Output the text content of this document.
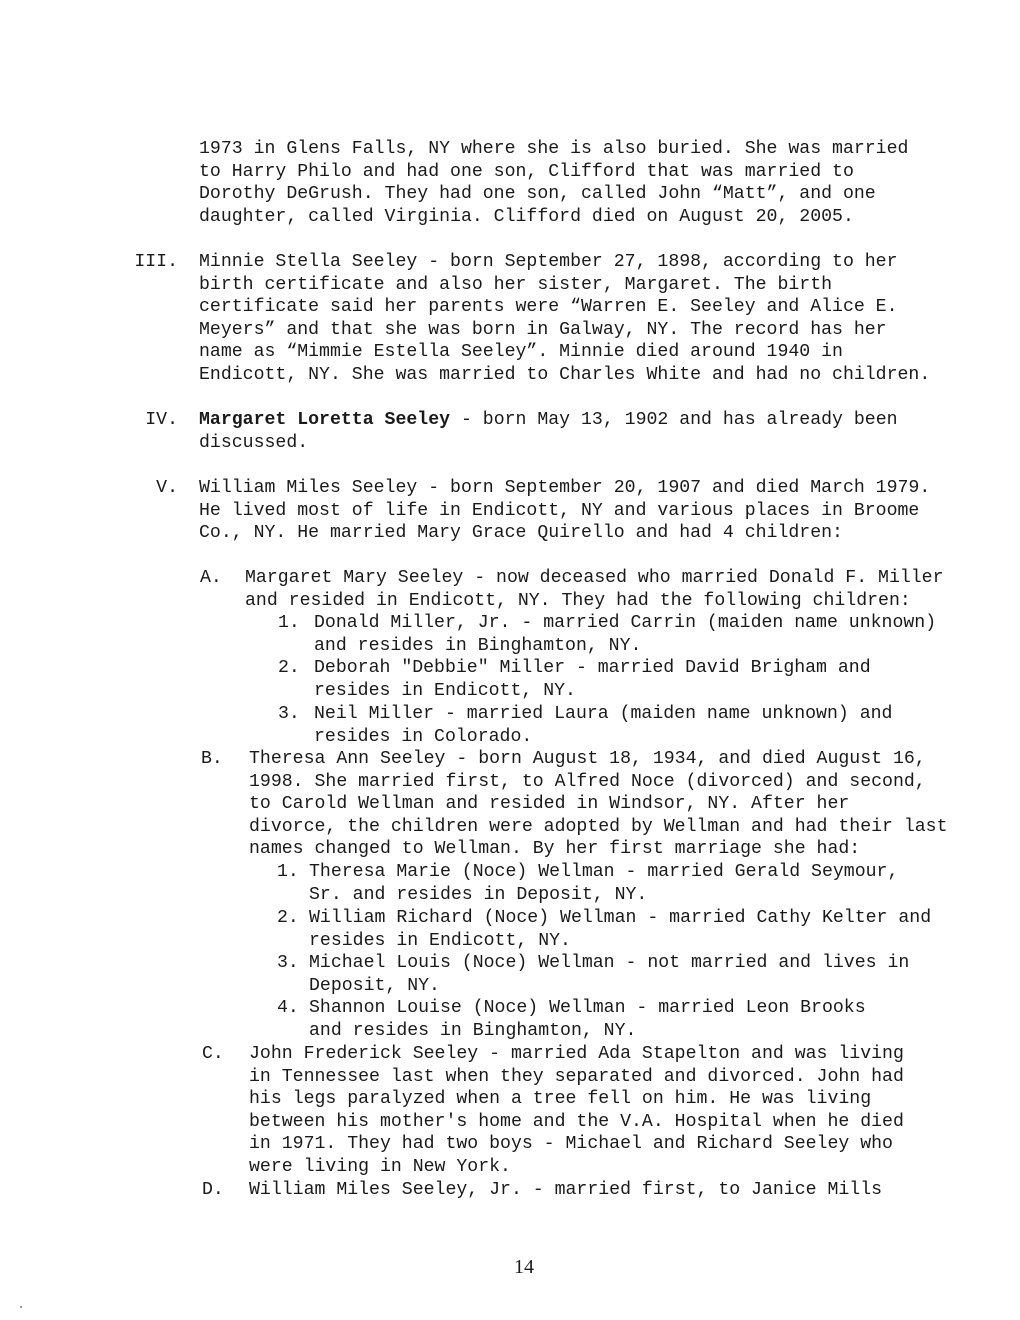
1973 in Glens Falls, NY where she is also buried. She was married
to Harry Philo and had one son, Clifford that was married to
Dorothy DeGrush. They had one son, called John “Matt”, and one
daughter, called Virginia. Clifford died on August 20, 2005.
III. Minnie Stella Seeley - born September 27, 1898, according to her
birth certificate and also her sister, Margaret. The birth
certificate said her parents were “Warren E. Seeley and Alice E.
Meyers” and that she was born in Galway, NY. The record has her
name as “Mimmie Estella Seeley”. Minnie died around 1940 in
Endicott, NY. She was married to Charles White and had no children.
IV. Margaret Loretta Seeley - born May 13, 1902 and has already been
discussed.
V. William Miles Seeley - born September 20, 1907 and died March 1979.
He lived most of life in Endicott, NY and various places in Broome
Co., NY. He married Mary Grace Quirello and had 4 children:
A. Margaret Mary Seeley - now deceased who married Donald F. Miller
and resided in Endicott, NY. They had the following children:
1. Donald Miller, Jr. - married Carrin (maiden name unknown)
and resides in Binghamton, NY.
2. Deborah "Debbie" Miller - married David Brigham and
resides in Endicott, NY.
3. Neil Miller - married Laura (maiden name unknown) and
resides in Colorado.
B. Theresa Ann Seeley - born August 18, 1934, and died August 16,
1998. She married first, to Alfred Noce (divorced) and second,
to Carold Wellman and resided in Windsor, NY. After her
divorce, the children were adopted by Wellman and had their last
names changed to Wellman. By her first marriage she had:
1. Theresa Marie (Noce) Wellman - married Gerald Seymour,
Sr. and resides in Deposit, NY.
2. William Richard (Noce) Wellman - married Cathy Kelter and
resides in Endicott, NY.
3. Michael Louis (Noce) Wellman - not married and lives in
Deposit, NY.
4. Shannon Louise (Noce) Wellman - married Leon Brooks
and resides in Binghamton, NY.
C. John Frederick Seeley - married Ada Stapelton and was living
in Tennessee last when they separated and divorced. John had
his legs paralyzed when a tree fell on him. He was living
between his mother's home and the V.A. Hospital when he died
in 1971. They had two boys - Michael and Richard Seeley who
were living in New York.
D. William Miles Seeley, Jr. - married first, to Janice Mills
14
